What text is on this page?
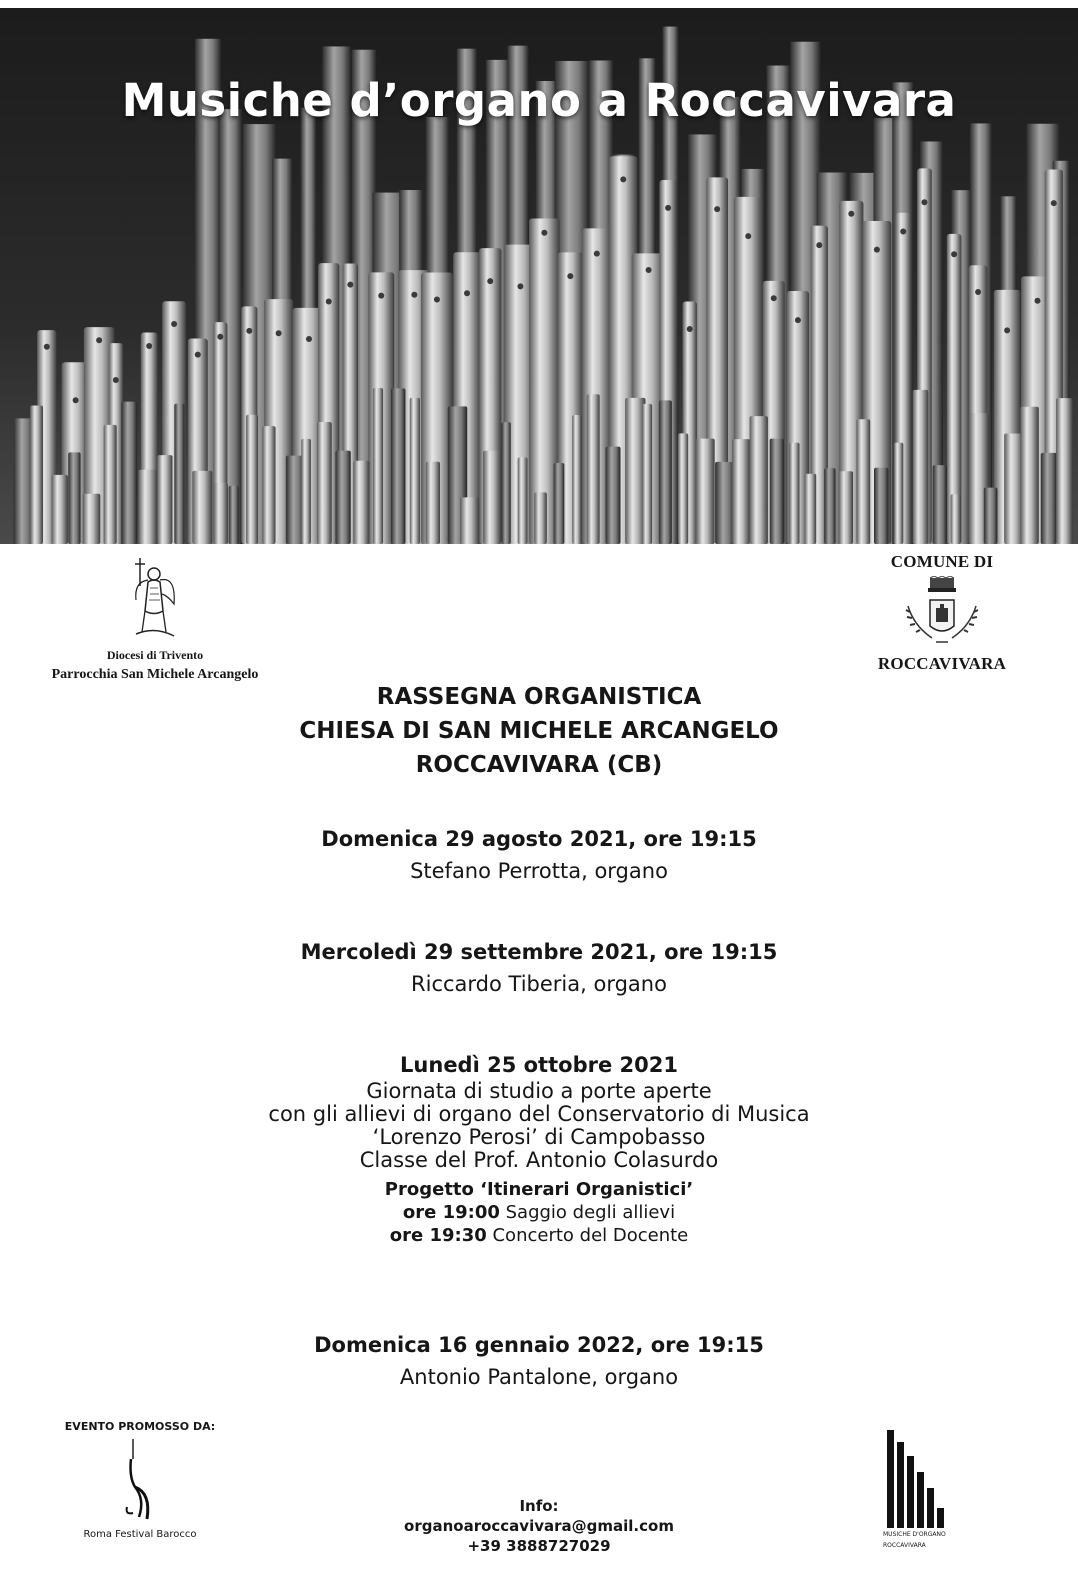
Musiche d’organo a Roccavivara
Diocesi di Trivento
Parrocchia San Michele Arcangelo
COMUNE DI
ROCCAVIVARA
RASSEGNA ORGANISTICA
CHIESA DI SAN MICHELE ARCANGELO
ROCCAVIVARA (CB)
Domenica 29 agosto 2021, ore 19:15
Stefano Perrotta, organo
Mercoledì 29 settembre 2021, ore 19:15
Riccardo Tiberia, organo
Lunedì 25 ottobre 2021
Giornata di studio a porte aperte
con gli allievi di organo del Conservatorio di Musica
‘Lorenzo Perosi’ di Campobasso
Classe del Prof. Antonio Colasurdo
Progetto ‘Itinerari Organistici’
ore 19:00 Saggio degli allievi
ore 19:30 Concerto del Docente
Domenica 16 gennaio 2022, ore 19:15
Antonio Pantalone, organo
EVENTO PROMOSSO DA:
Roma Festival Barocco
Info:
organoaroccavivara@gmail.com
+39 3888727029
MUSICHE D'ORGANO
ROCCAVIVARA
